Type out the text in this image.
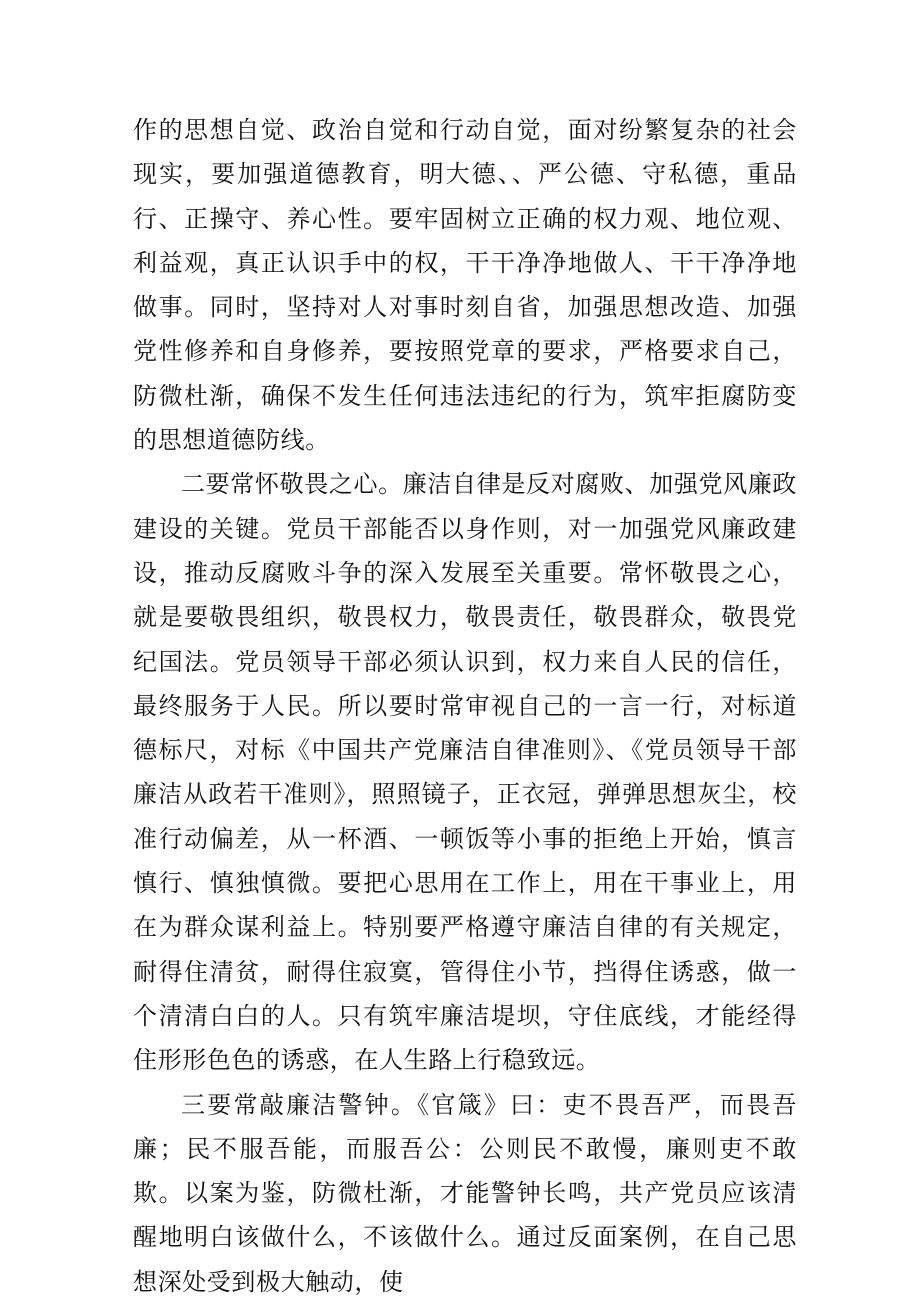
作的思想自觉、政治自觉和行动自觉，面对纷繁复杂的社会现实，要加强道德教育，明大德、、严公德、守私德，重品行、正操守、养心性。要牢固树立正确的权力观、地位观、利益观，真正认识手中的权，干干净净地做人、干干净净地做事。同时，坚持对人对事时刻自省，加强思想改造、加强党性修养和自身修养，要按照党章的要求，严格要求自己，防微杜渐，确保不发生任何违法违纪的行为，筑牢拒腐防变的思想道德防线。

二要常怀敬畏之心。廉洁自律是反对腐败、加强党风廉政建设的关键。党员干部能否以身作则，对一加强党风廉政建设，推动反腐败斗争的深入发展至关重要。常怀敬畏之心，就是要敬畏组织，敬畏权力，敬畏责任，敬畏群众，敬畏党纪国法。党员领导干部必须认识到，权力来自人民的信任，最终服务于人民。所以要时常审视自己的一言一行，对标道德标尺，对标《中国共产党廉洁自律准则》、《党员领导干部廉洁从政若干准则》，照照镜子，正衣冠，弹弹思想灰尘，校准行动偏差，从一杯酒、一顿饭等小事的拒绝上开始，慎言慎行、慎独慎微。要把心思用在工作上，用在干事业上，用在为群众谋利益上。特别要严格遵守廉洁自律的有关规定，耐得住清贫，耐得住寂寞，管得住小节，挡得住诱惑，做一个清清白白的人。只有筑牢廉洁堤坝，守住底线，才能经得住形形色色的诱惑，在人生路上行稳致远。

三要常敲廉洁警钟。《官箴》曰：吏不畏吾严，而畏吾廉；民不服吾能，而服吾公：公则民不敢慢，廉则吏不敢欺。以案为鉴，防微杜渐，才能警钟长鸣，共产党员应该清醒地明白该做什么，不该做什么。通过反面案例，在自己思想深处受到极大触动，使
